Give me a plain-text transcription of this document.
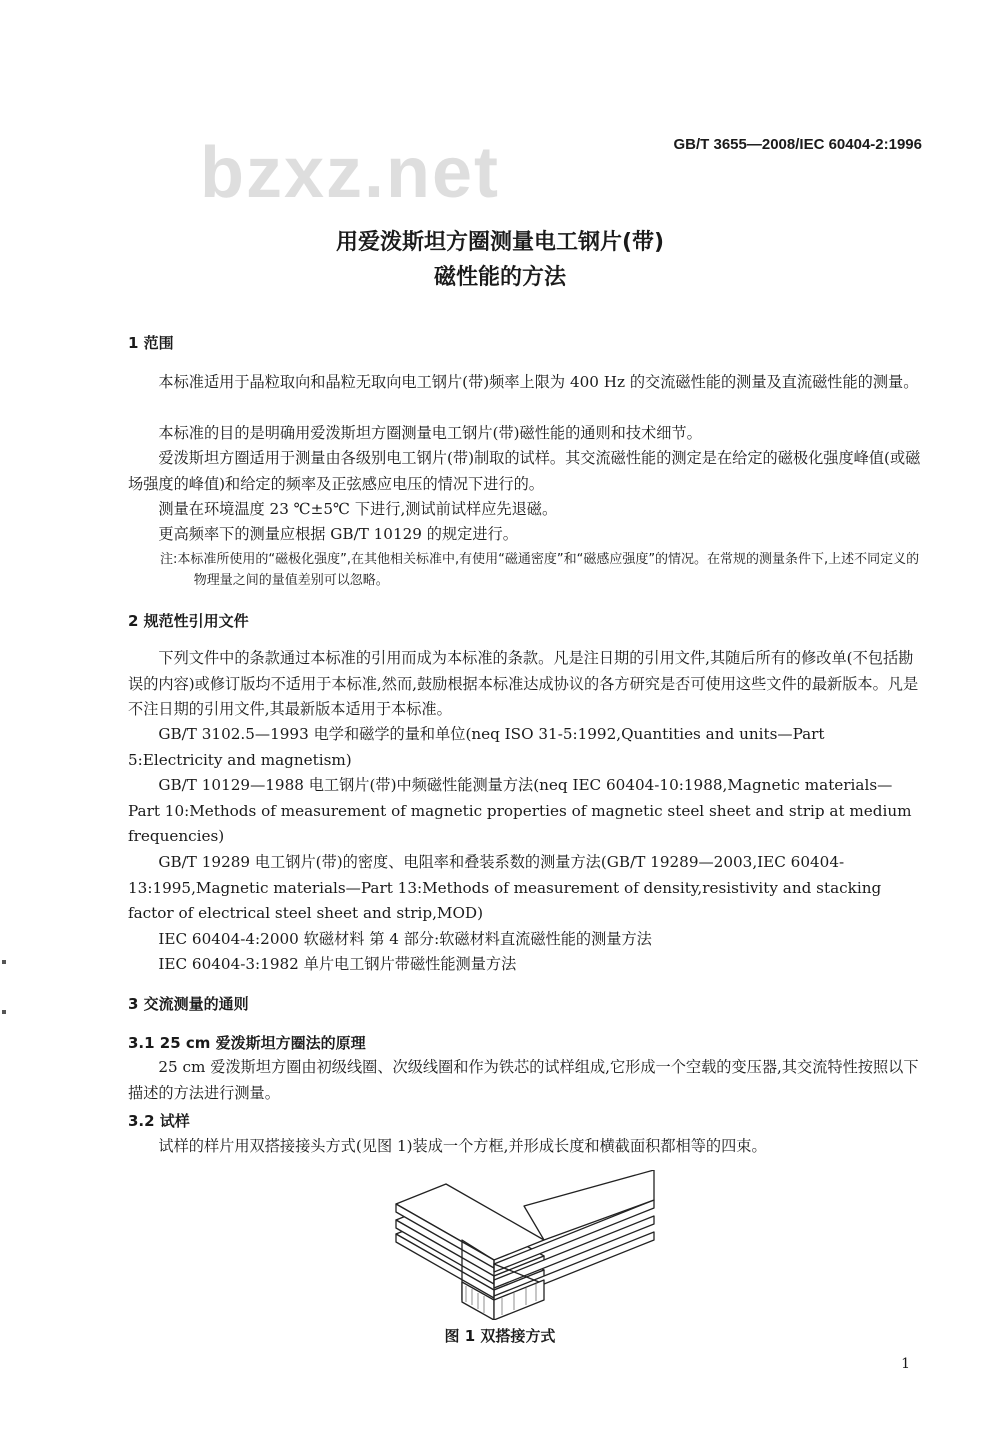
bzxz.net	GB/T 3655—2008/IEC 60404-2:1996
用爱泼斯坦方圈测量电工钢片(带)
磁性能的方法
1 范围
本标准适用于晶粒取向和晶粒无取向电工钢片(带)频率上限为 400 Hz 的交流磁性能的测量及直流磁性能的测量。
本标准的目的是明确用爱泼斯坦方圈测量电工钢片(带)磁性能的通则和技术细节。
爱泼斯坦方圈适用于测量由各级别电工钢片(带)制取的试样。其交流磁性能的测定是在给定的磁极化强度峰值(或磁场强度的峰值)和给定的频率及正弦感应电压的情况下进行的。
测量在环境温度 23 ℃±5℃ 下进行,测试前试样应先退磁。
更高频率下的测量应根据 GB/T 10129 的规定进行。
注:本标准所使用的“磁极化强度”,在其他相关标准中,有使用“磁通密度”和“磁感应强度”的情况。在常规的测量条件下,上述不同定义的物理量之间的量值差别可以忽略。
2 规范性引用文件
下列文件中的条款通过本标准的引用而成为本标准的条款。凡是注日期的引用文件,其随后所有的修改单(不包括勘误的内容)或修订版均不适用于本标准,然而,鼓励根据本标准达成协议的各方研究是否可使用这些文件的最新版本。凡是不注日期的引用文件,其最新版本适用于本标准。
GB/T 3102.5—1993 电学和磁学的量和单位(neq ISO 31-5:1992,Quantities and units—Part 5:Electricity and magnetism)
GB/T 10129—1988 电工钢片(带)中频磁性能测量方法(neq IEC 60404-10:1988,Magnetic materials—Part 10:Methods of measurement of magnetic properties of magnetic steel sheet and strip at medium frequencies)
GB/T 19289 电工钢片(带)的密度、电阻率和叠装系数的测量方法(GB/T 19289—2003,IEC 60404-13:1995,Magnetic materials—Part 13:Methods of measurement of density,resistivity and stacking factor of electrical steel sheet and strip,MOD)
IEC 60404-4:2000 软磁材料 第 4 部分:软磁材料直流磁性能的测量方法
IEC 60404-3:1982 单片电工钢片带磁性能测量方法
3 交流测量的通则
3.1 25 cm 爱泼斯坦方圈法的原理
25 cm 爱泼斯坦方圈由初级线圈、次级线圈和作为铁芯的试样组成,它形成一个空载的变压器,其交流特性按照以下描述的方法进行测量。
3.2 试样
试样的样片用双搭接接头方式(见图 1)装成一个方框,并形成长度和横截面积都相等的四束。
图 1 双搭接方式
1
